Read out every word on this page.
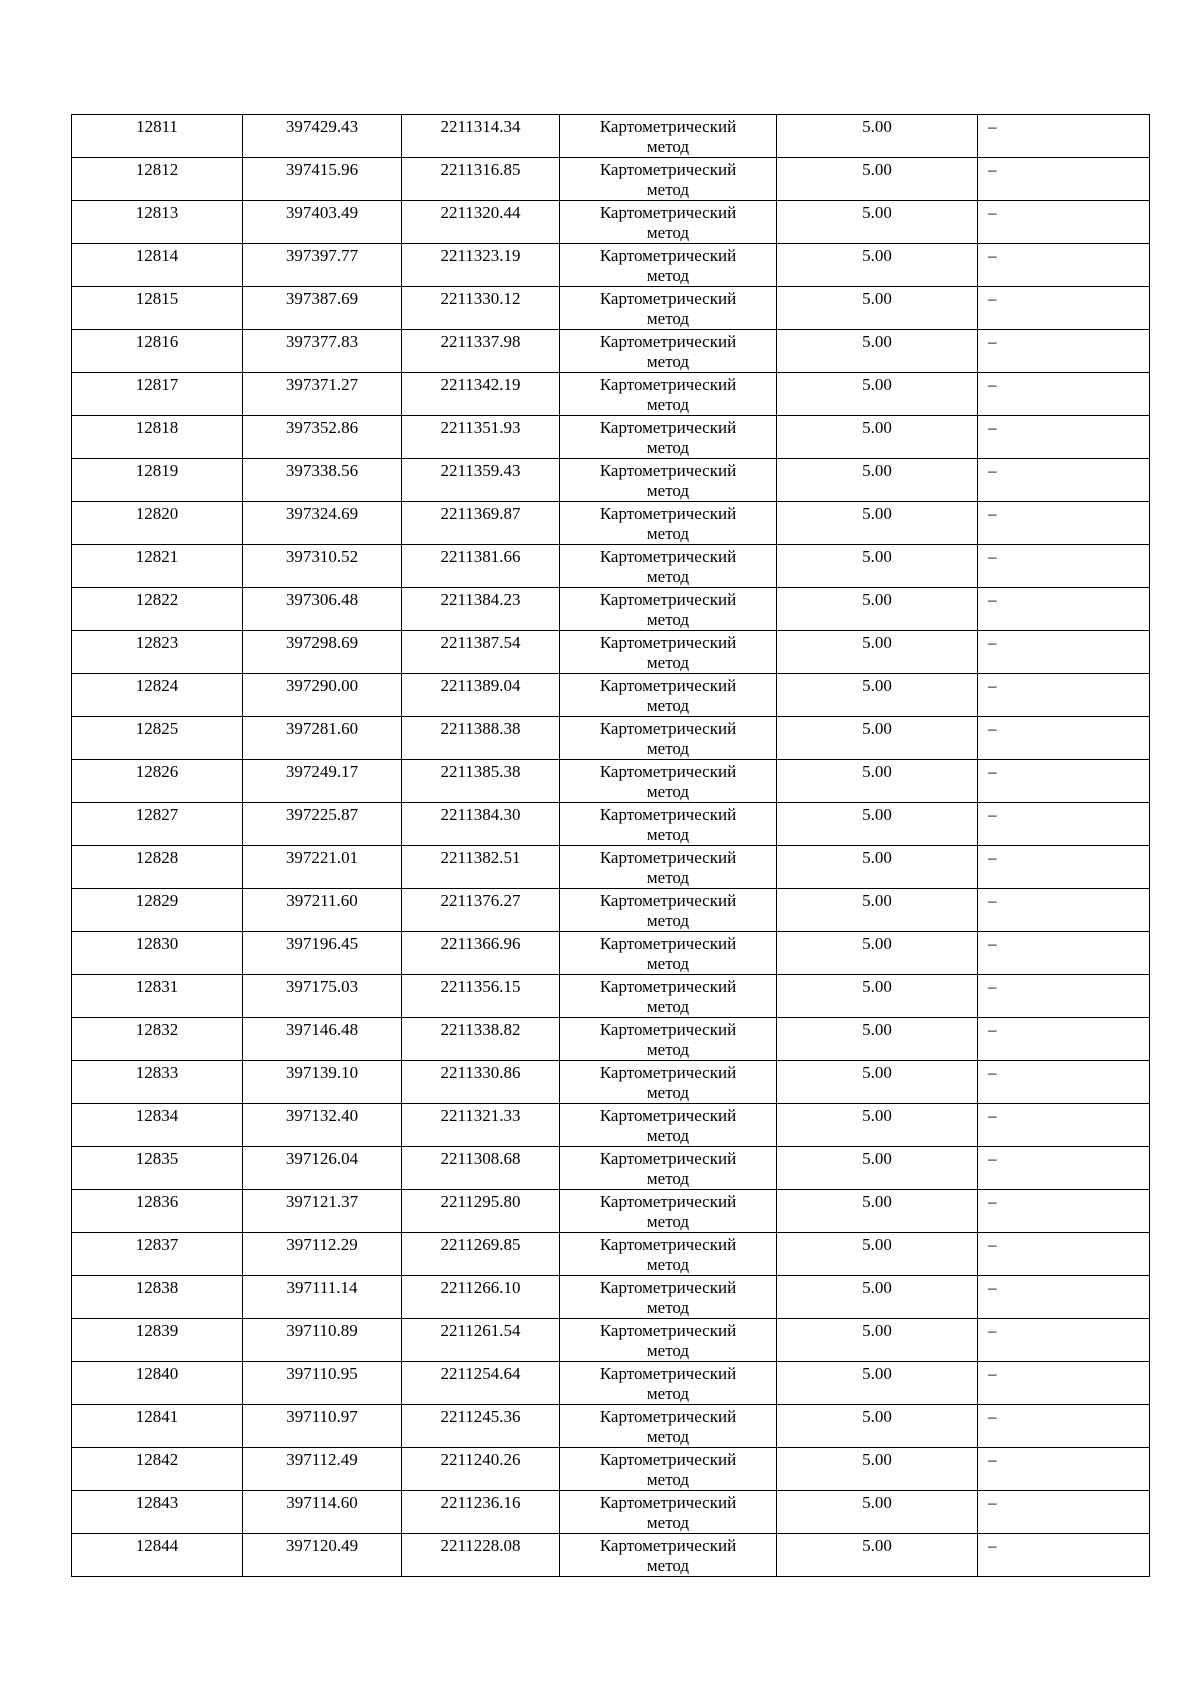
12811	397429.43	2211314.34	Картометрический
метод	5.00	–
12812	397415.96	2211316.85	Картометрический
метод	5.00	–
12813	397403.49	2211320.44	Картометрический
метод	5.00	–
12814	397397.77	2211323.19	Картометрический
метод	5.00	–
12815	397387.69	2211330.12	Картометрический
метод	5.00	–
12816	397377.83	2211337.98	Картометрический
метод	5.00	–
12817	397371.27	2211342.19	Картометрический
метод	5.00	–
12818	397352.86	2211351.93	Картометрический
метод	5.00	–
12819	397338.56	2211359.43	Картометрический
метод	5.00	–
12820	397324.69	2211369.87	Картометрический
метод	5.00	–
12821	397310.52	2211381.66	Картометрический
метод	5.00	–
12822	397306.48	2211384.23	Картометрический
метод	5.00	–
12823	397298.69	2211387.54	Картометрический
метод	5.00	–
12824	397290.00	2211389.04	Картометрический
метод	5.00	–
12825	397281.60	2211388.38	Картометрический
метод	5.00	–
12826	397249.17	2211385.38	Картометрический
метод	5.00	–
12827	397225.87	2211384.30	Картометрический
метод	5.00	–
12828	397221.01	2211382.51	Картометрический
метод	5.00	–
12829	397211.60	2211376.27	Картометрический
метод	5.00	–
12830	397196.45	2211366.96	Картометрический
метод	5.00	–
12831	397175.03	2211356.15	Картометрический
метод	5.00	–
12832	397146.48	2211338.82	Картометрический
метод	5.00	–
12833	397139.10	2211330.86	Картометрический
метод	5.00	–
12834	397132.40	2211321.33	Картометрический
метод	5.00	–
12835	397126.04	2211308.68	Картометрический
метод	5.00	–
12836	397121.37	2211295.80	Картометрический
метод	5.00	–
12837	397112.29	2211269.85	Картометрический
метод	5.00	–
12838	397111.14	2211266.10	Картометрический
метод	5.00	–
12839	397110.89	2211261.54	Картометрический
метод	5.00	–
12840	397110.95	2211254.64	Картометрический
метод	5.00	–
12841	397110.97	2211245.36	Картометрический
метод	5.00	–
12842	397112.49	2211240.26	Картометрический
метод	5.00	–
12843	397114.60	2211236.16	Картометрический
метод	5.00	–
12844	397120.49	2211228.08	Картометрический
метод	5.00	–
